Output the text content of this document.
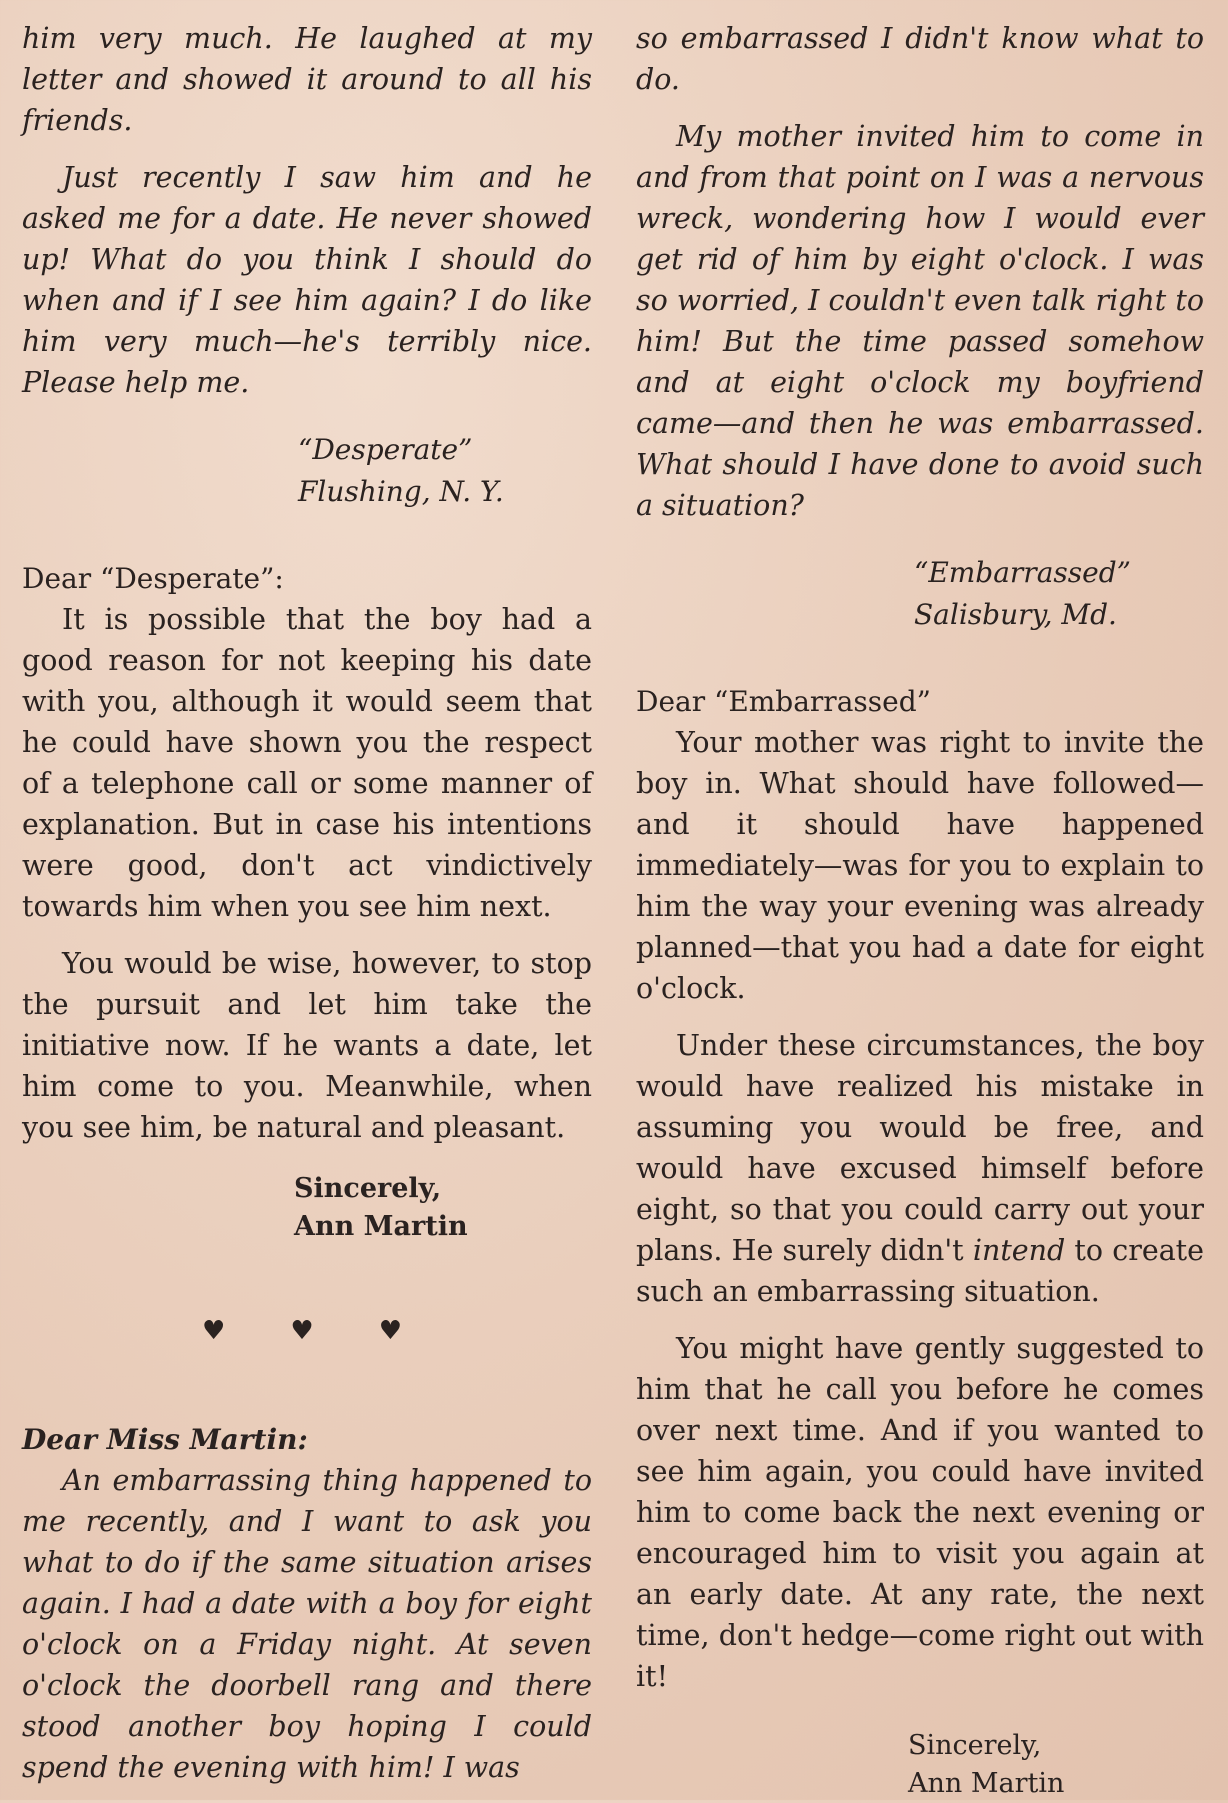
him very much. He laughed at my letter and showed it around to all his friends.

Just recently I saw him and he asked me for a date. He never showed up! What do you think I should do when and if I see him again? I do like him very much—he's terribly nice. Please help me.

“Desperate”
Flushing, N. Y.

Dear “Desperate”:

It is possible that the boy had a good reason for not keeping his date with you, although it would seem that he could have shown you the respect of a telephone call or some manner of explanation. But in case his intentions were good, don't act vindictively towards him when you see him next.

You would be wise, however, to stop the pursuit and let him take the initiative now. If he wants a date, let him come to you. Meanwhile, when you see him, be natural and pleasant.

Sincerely,
Ann Martin
♥	♥	♥

Dear Miss Martin:

An embarrassing thing happened to me recently, and I want to ask you what to do if the same situation arises again. I had a date with a boy for eight o'clock on a Friday night. At seven o'clock the doorbell rang and there stood another boy hoping I could spend the evening with him! I was

so embarrassed I didn't know what to do.

My mother invited him to come in and from that point on I was a nervous wreck, wondering how I would ever get rid of him by eight o'clock. I was so worried, I couldn't even talk right to him! But the time passed somehow and at eight o'clock my boyfriend came—and then he was embarrassed. What should I have done to avoid such a situation?

“Embarrassed”
Salisbury, Md.

Dear “Embarrassed”

Your mother was right to invite the boy in. What should have followed—and it should have happened immediately—was for you to explain to him the way your evening was already planned—that you had a date for eight o'clock.

Under these circumstances, the boy would have realized his mistake in assuming you would be free, and would have excused himself before eight, so that you could carry out your plans. He surely didn't intend to create such an embarrassing situation.

You might have gently suggested to him that he call you before he comes over next time. And if you wanted to see him again, you could have invited him to come back the next evening or encouraged him to visit you again at an early date. At any rate, the next time, don't hedge—come right out with it!

Sincerely,
Ann Martin
